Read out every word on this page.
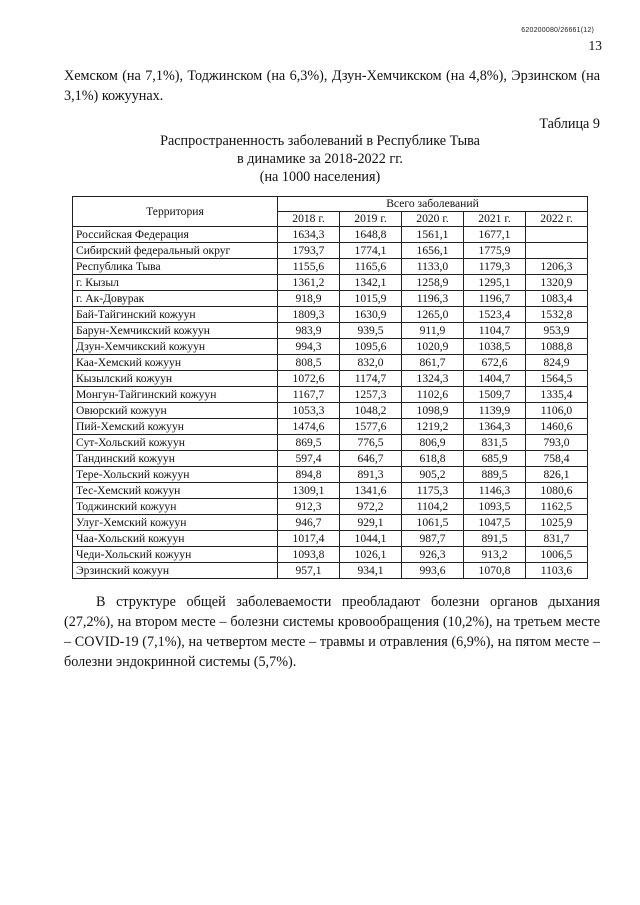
620200080/26661(12)
13

Хемском (на 7,1%), Тоджинском (на 6,3%), Дзун-Хемчикском (на 4,8%), Эрзинском (на 3,1%) кожуунах.

Таблица 9
Распространенность заболеваний в Республике Тыва
в динамике за 2018-2022 гг.
(на 1000 населения)
Территория	Всего заболеваний				
	2018 г.	2019 г.	2020 г.	2021 г.	2022 г.
Российская Федерация	1634,3	1648,8	1561,1	1677,1	
Сибирский федеральный округ	1793,7	1774,1	1656,1	1775,9	
Республика Тыва	1155,6	1165,6	1133,0	1179,3	1206,3
г. Кызыл	1361,2	1342,1	1258,9	1295,1	1320,9
г. Ак-Довурак	918,9	1015,9	1196,3	1196,7	1083,4
Бай-Тайгинский кожуун	1809,3	1630,9	1265,0	1523,4	1532,8
Барун-Хемчикский кожуун	983,9	939,5	911,9	1104,7	953,9
Дзун-Хемчикский кожуун	994,3	1095,6	1020,9	1038,5	1088,8
Каа-Хемский кожуун	808,5	832,0	861,7	672,6	824,9
Кызылский кожуун	1072,6	1174,7	1324,3	1404,7	1564,5
Монгун-Тайгинский кожуун	1167,7	1257,3	1102,6	1509,7	1335,4
Овюрский кожуун	1053,3	1048,2	1098,9	1139,9	1106,0
Пий-Хемский кожуун	1474,6	1577,6	1219,2	1364,3	1460,6
Сут-Хольский кожуун	869,5	776,5	806,9	831,5	793,0
Тандинский кожуун	597,4	646,7	618,8	685,9	758,4
Тере-Хольский кожуун	894,8	891,3	905,2	889,5	826,1
Тес-Хемский кожуун	1309,1	1341,6	1175,3	1146,3	1080,6
Тоджинский кожуун	912,3	972,2	1104,2	1093,5	1162,5
Улуг-Хемский кожуун	946,7	929,1	1061,5	1047,5	1025,9
Чаа-Хольский кожуун	1017,4	1044,1	987,7	891,5	831,7
Чеди-Хольский кожуун	1093,8	1026,1	926,3	913,2	1006,5
Эрзинский кожуун	957,1	934,1	993,6	1070,8	1103,6

В структуре общей заболеваемости преобладают болезни органов дыхания (27,2%), на втором месте – болезни системы кровообращения (10,2%), на третьем месте – COVID-19 (7,1%), на четвертом месте – травмы и отравления (6,9%), на пятом месте – болезни эндокринной системы (5,7%).
